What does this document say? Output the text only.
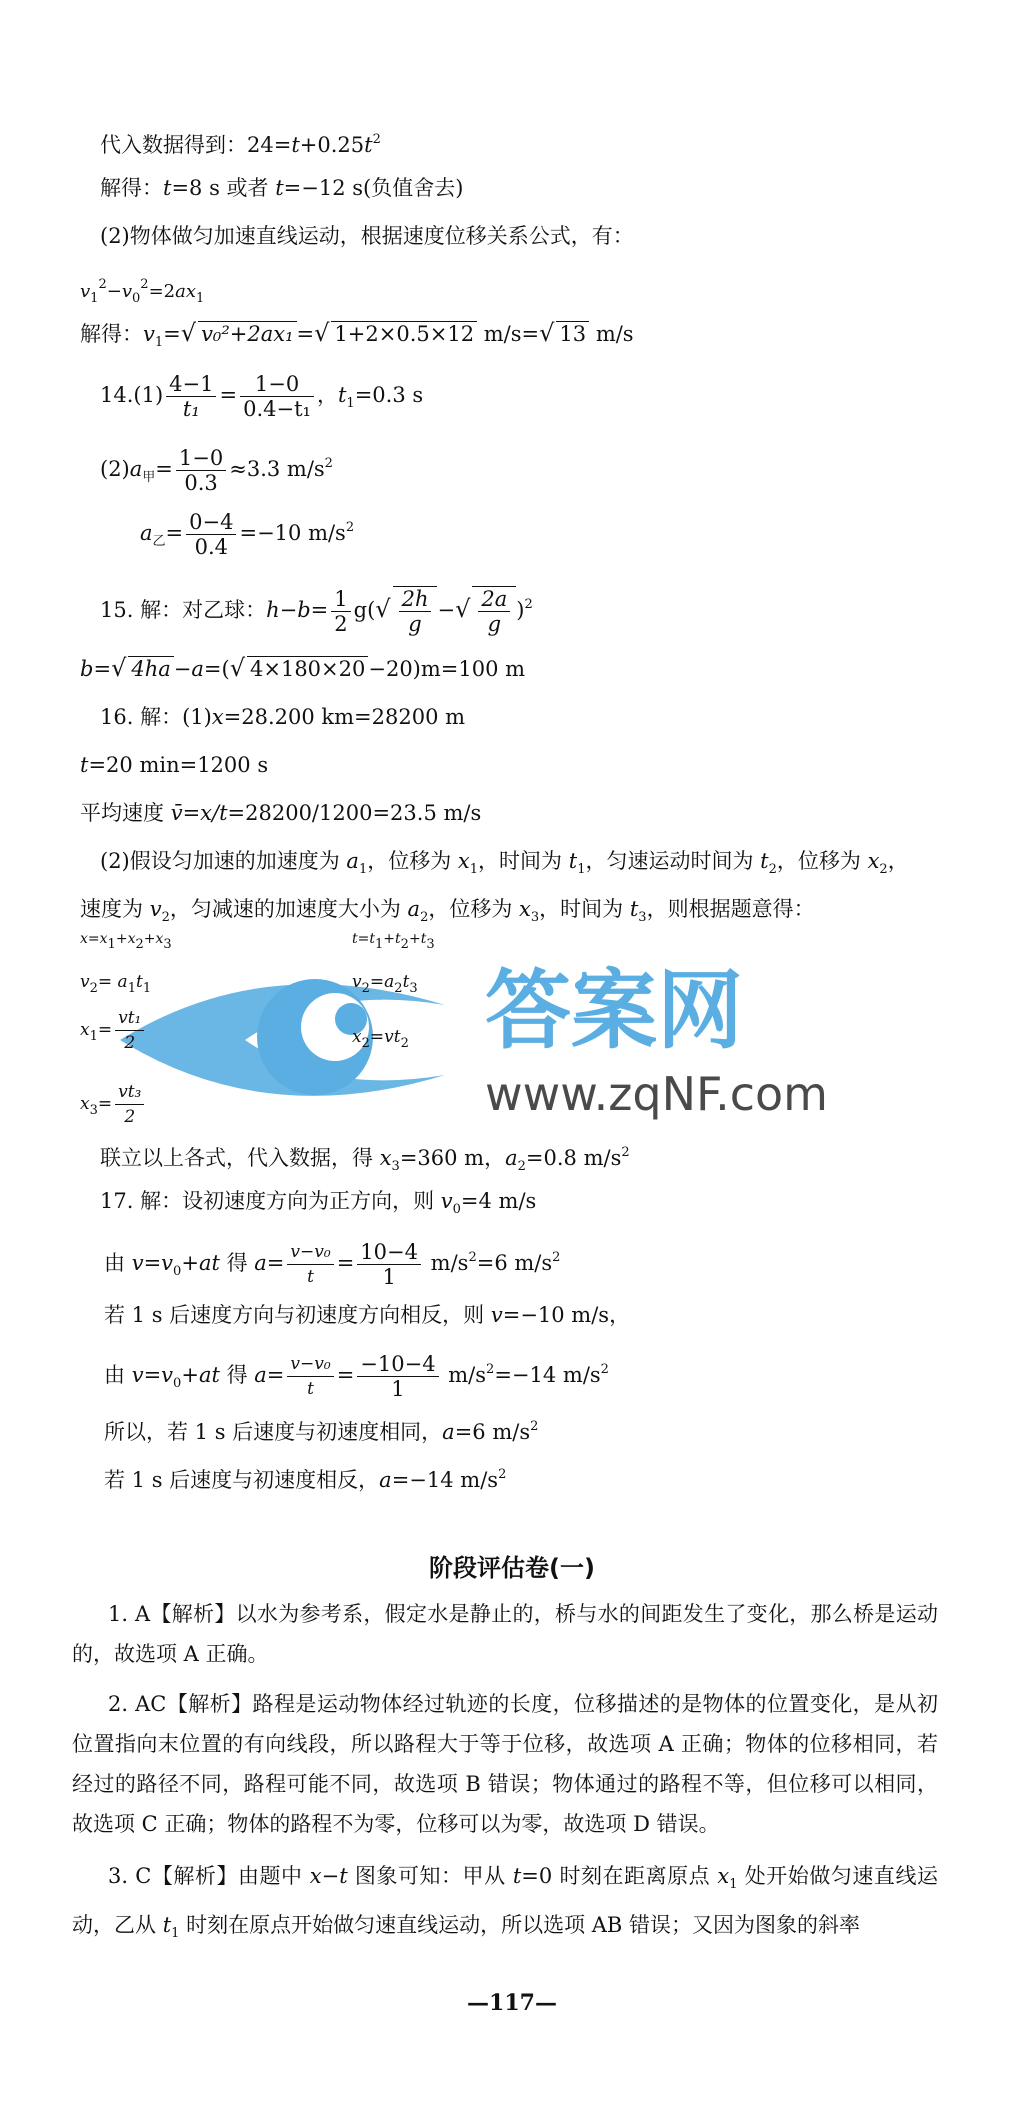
答案网
www.zqNF.com
代入数据得到：$24=t+0.25t^2$
解得：t=8 s 或者 t=−12 s(负值舍去)
(2)物体做匀加速直线运动，根据速度位移关系公式，有：
$v_1^2-v_0^2=2ax_1$
解得：$v_1=√$ v₀²+2ax₁ =√ 1+2×0.5×12 m/s=√ 13 m/s
$14.(1) \frac{4-1}{\text{t₁}} = \frac{1-0}{\text{0.4−t₁}}$ ，$t_1=0.3$ s
$(2)a_甲= \frac{1-0}{0.3} \approx 3.3$ $m/s^2$
$a_乙= \frac{0-4}{0.4} =-10$ $m/s^2$
15. 解：对乙球：$h-b= \frac{1}{2} g(√ \frac{2h}{g}$ −√ $\frac{2a}{g} )^2$
b=√ 4ha −a=(√ 4×180×20 −20)m=100 m
16. 解：(1)x=28.200 km=28200 m
t=20 min=1200 s
平均速度 v̄=x/t=28200/1200=23.5 m/s
(2)假设匀加速的加速度为 $a_1$，位移为 $x_1$，时间为 $t_1$，匀速运动时间为 $t_2$，位移为 $x_2$，
速度为 $v_2$，匀减速的加速度大小为 $a_2$，位移为 $x_3$，时间为 $t_3$，则根据题意得：
x=x1+x2+x3
$v_2= a_1t_1$
$x_1= \frac{\text{vt₁}}{2}$
$x_3= \frac{\text{vt₃}}{2}$
t=t1+t2+t3
$v_2=a_2t_3$
$x_2=vt_2$
联立以上各式，代入数据，得 $x_3=360$ m，$a_2=0.8$ $m/s^2$
17. 解：设初速度方向为正方向，则 $v_0=4$ m/s
由 $v=v_0+at$ 得 $a= \frac{\text{v−v₀}}{t} = \frac{10-4}{1} m/s^2=6$ $m/s^2$
若 1 s 后速度方向与初速度方向相反，则 v=−10 m/s，
由 $v=v_0+at$ 得 $a= \frac{\text{v−v₀}}{t} = \frac{-10-4}{1} m/s^2=-14$ $m/s^2$
所以，若 1 s 后速度与初速度相同，a=6 $m/s^2$
若 1 s 后速度与初速度相反，a=−14 $m/s^2$
阶段评估卷(一)
1. A【解析】以水为参考系，假定水是静止的，桥与水的间距发生了变化，那么桥是运动的，故选项 A 正确。
2. AC【解析】路程是运动物体经过轨迹的长度，位移描述的是物体的位置变化，是从初位置指向末位置的有向线段，所以路程大于等于位移，故选项 A 正确；物体的位移相同，若经过的路径不同，路程可能不同，故选项 B 错误；物体通过的路程不等，但位移可以相同，故选项 C 正确；物体的路程不为零，位移可以为零，故选项 D 错误。
3. C【解析】由题中 x−t 图象可知：甲从 t=0 时刻在距离原点 $x_1$ 处开始做匀速直线运动，乙从 $t_1$ 时刻在原点开始做匀速直线运动，所以选项 AB 错误；又因为图象的斜率
—117—
